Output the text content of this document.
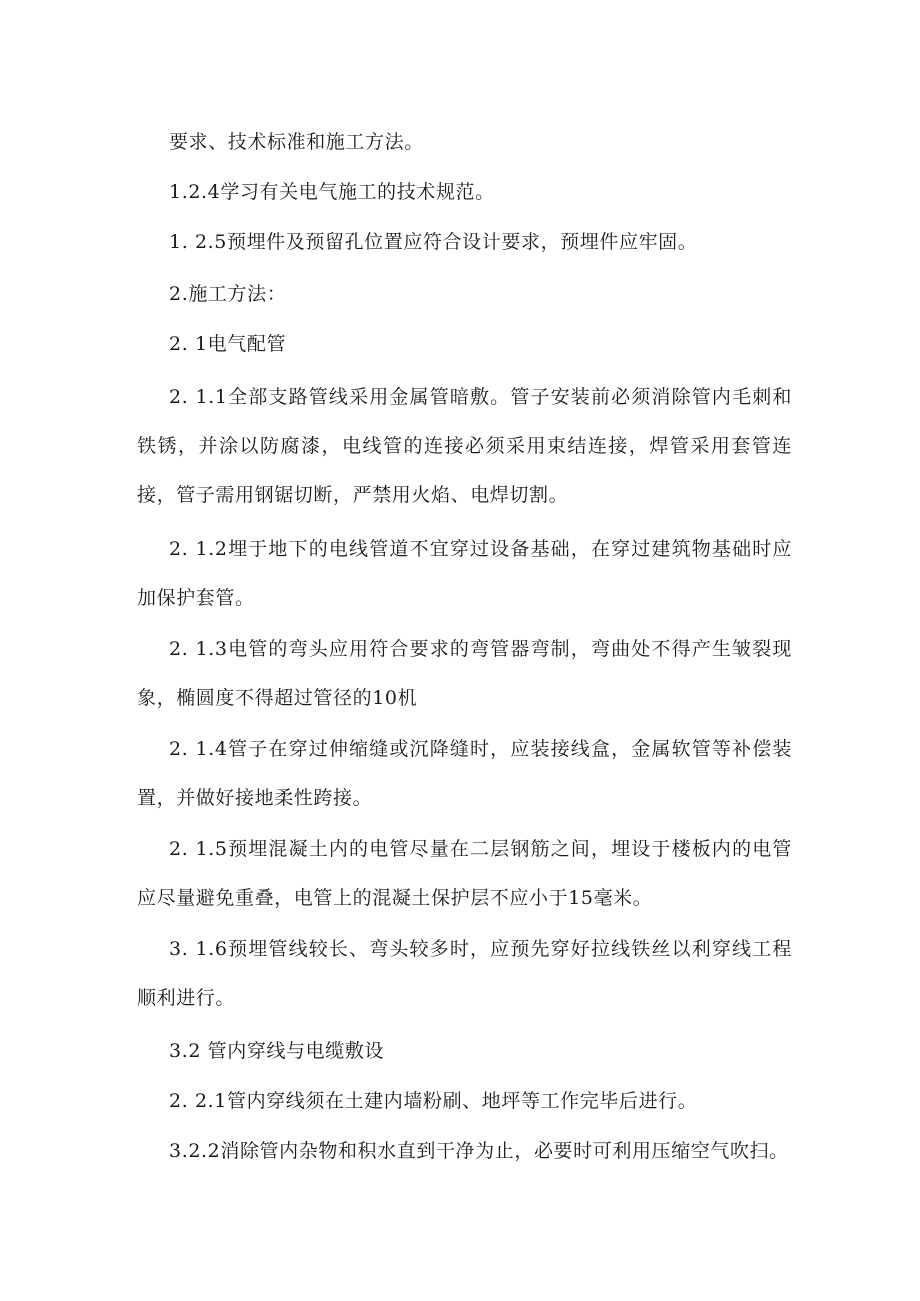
要求、技术标准和施工方法。

1.2.4学习有关电气施工的技术规范。

1. 2.5预埋件及预留孔位置应符合设计要求，预埋件应牢固。

2.施工方法：

2. 1电气配管

2. 1.1全部支路管线采用金属管暗敷。管子安装前必须消除管内毛刺和铁锈，并涂以防腐漆，电线管的连接必须采用束结连接，焊管采用套管连接，管子需用钢锯切断，严禁用火焰、电焊切割。

2. 1.2埋于地下的电线管道不宜穿过设备基础，在穿过建筑物基础时应加保护套管。

2. 1.3电管的弯头应用符合要求的弯管器弯制，弯曲处不得产生皱裂现象，椭圆度不得超过管径的10机

2. 1.4管子在穿过伸缩缝或沉降缝时，应装接线盒，金属软管等补偿装置，并做好接地柔性跨接。

2. 1.5预埋混凝土内的电管尽量在二层钢筋之间，埋设于楼板内的电管应尽量避免重叠，电管上的混凝土保护层不应小于15毫米。

3. 1.6预埋管线较长、弯头较多时，应预先穿好拉线铁丝以利穿线工程顺利进行。

3.2 管内穿线与电缆敷设

2. 2.1管内穿线须在土建内墙粉刷、地坪等工作完毕后进行。

3.2.2消除管内杂物和积水直到干净为止，必要时可利用压缩空气吹扫。
